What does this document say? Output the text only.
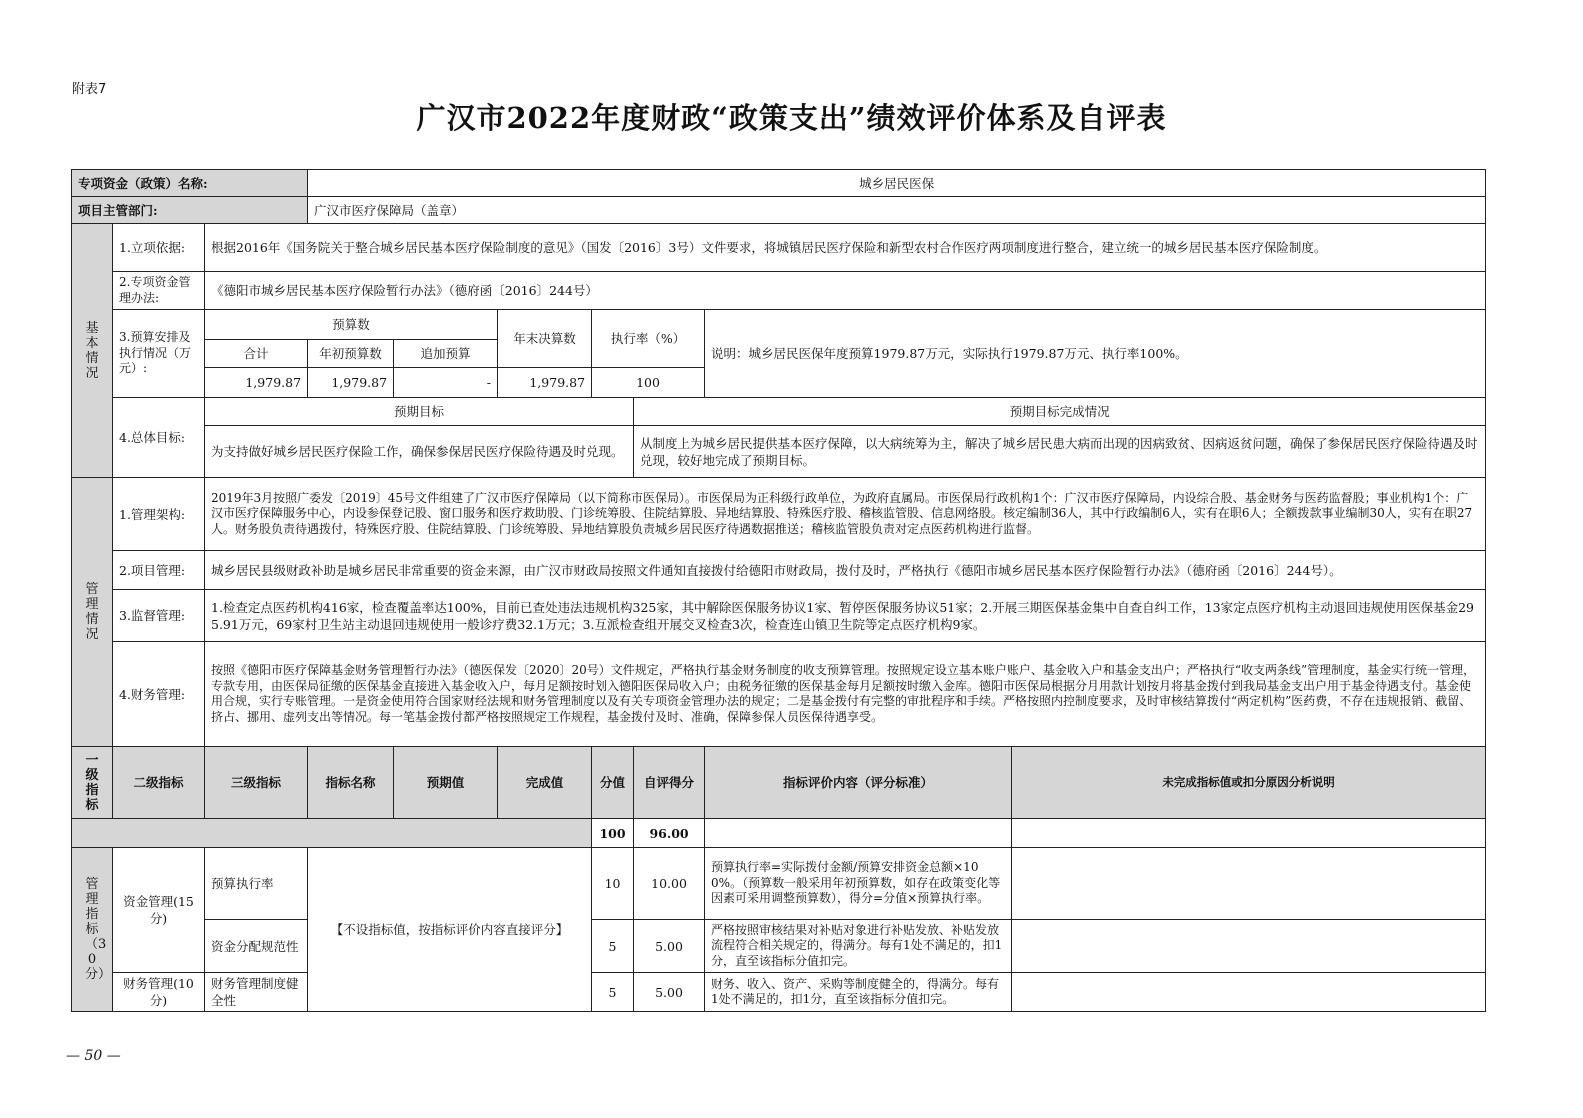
附表7
广汉市2022年度财政“政策支出”绩效评价体系及自评表
专项资金（政策）名称:			城乡居民医保						
项目主管部门:			广汉市医疗保障局（盖章）						
基本情况	1.立项依据:	根据2016年《国务院关于整合城乡居民基本医疗保险制度的意见》（国发〔2016〕3号）文件要求，将城镇居民医疗保险和新型农村合作医疗两项制度进行整合，建立统一的城乡居民基本医疗保险制度。							
	2.专项资金管理办法:	《德阳市城乡居民基本医疗保险暂行办法》（德府函〔2016〕244号）							
	3.预算安排及执行情况（万元）:	预算数			年末决算数	执行率（%）		说明：城乡居民医保年度预算1979.87万元，实际执行1979.87万元、执行率100%。	
		合计	年初预算数	追加预算					
		1,979.87	1,979.87	-	1,979.87	100			
	4.总体目标:	预期目标					预期目标完成情况		
		为支持做好城乡居民医疗保险工作，确保参保居民医疗保险待遇及时兑现。					从制度上为城乡居民提供基本医疗保障，以大病统筹为主，解决了城乡居民患大病而出现的因病致贫、因病返贫问题，确保了参保居民医疗保险待遇及时兑现，较好地完成了预期目标。		
管理情况	1.管理架构:	2019年3月按照广委发〔2019〕45号文件组建了广汉市医疗保障局（以下简称市医保局）。市医保局为正科级行政单位，为政府直属局。市医保局行政机构1个：广汉市医疗保障局，内设综合股、基金财务与医药监督股；事业机构1个：广汉市医疗保障服务中心，内设参保登记股、窗口服务和医疗救助股、门诊统筹股、住院结算股、异地结算股、特殊医疗股、稽核监管股、信息网络股。核定编制36人，其中行政编制6人，实有在职6人；全额拨款事业编制30人，实有在职27人。财务股负责待遇拨付，特殊医疗股、住院结算股、门诊统筹股、异地结算股负责城乡居民医疗待遇数据推送；稽核监管股负责对定点医药机构进行监督。							
	2.项目管理:	城乡居民县级财政补助是城乡居民非常重要的资金来源，由广汉市财政局按照文件通知直接拨付给德阳市财政局，拨付及时，严格执行《德阳市城乡居民基本医疗保险暂行办法》（德府函〔2016〕244号）。							
	3.监督管理:	1.检查定点医药机构416家，检查覆盖率达100%，目前已查处违法违规机构325家，其中解除医保服务协议1家、暂停医保服务协议51家；2.开展三期医保基金集中自查自纠工作，13家定点医疗机构主动退回违规使用医保基金295.91万元，69家村卫生站主动退回违规使用一般诊疗费32.1万元；3.互派检查组开展交叉检查3次，检查连山镇卫生院等定点医疗机构9家。							
	4.财务管理:	按照《德阳市医疗保障基金财务管理暂行办法》（德医保发〔2020〕20号）文件规定，严格执行基金财务制度的收支预算管理。按照规定设立基本账户账户、基金收入户和基金支出户；严格执行“收支两条线”管理制度，基金实行统一管理，专款专用，由医保局征缴的医保基金直接进入基金收入户，每月足额按时划入德阳医保局收入户；由税务征缴的医保基金每月足额按时缴入金库。德阳市医保局根据分月用款计划按月将基金拨付到我局基金支出户用于基金待遇支付。基金使用合规，实行专账管理。一是资金使用符合国家财经法规和财务管理制度以及有关专项资金管理办法的规定；二是基金拨付有完整的审批程序和手续。严格按照内控制度要求，及时审核结算拨付“两定机构”医药费，不存在违规报销、截留、挤占、挪用、虚列支出等情况。每一笔基金拨付都严格按照规定工作规程，基金拨付及时、准确，保障参保人员医保待遇享受。							
一级指标	二级指标	三级指标	指标名称	预期值	完成值	分值	自评得分	指标评价内容（评分标准）	未完成指标值或扣分原因分析说明
						100	96.00		
管理指标（30分）	资金管理(15分)	预算执行率	【不设指标值，按指标评价内容直接评分】			10	10.00	预算执行率=实际拨付金额/预算安排资金总额×100%。（预算数一般采用年初预算数，如存在政策变化等因素可采用调整预算数），得分=分值×预算执行率。	
		资金分配规范性				5	5.00	严格按照审核结果对补贴对象进行补贴发放、补贴发放流程符合相关规定的，得满分。每有1处不满足的，扣1分，直至该指标分值扣完。	
	财务管理(10分)	财务管理制度健全性				5	5.00	财务、收入、资产、采购等制度健全的，得满分。每有1处不满足的，扣1分，直至该指标分值扣完。	
— 50 —
